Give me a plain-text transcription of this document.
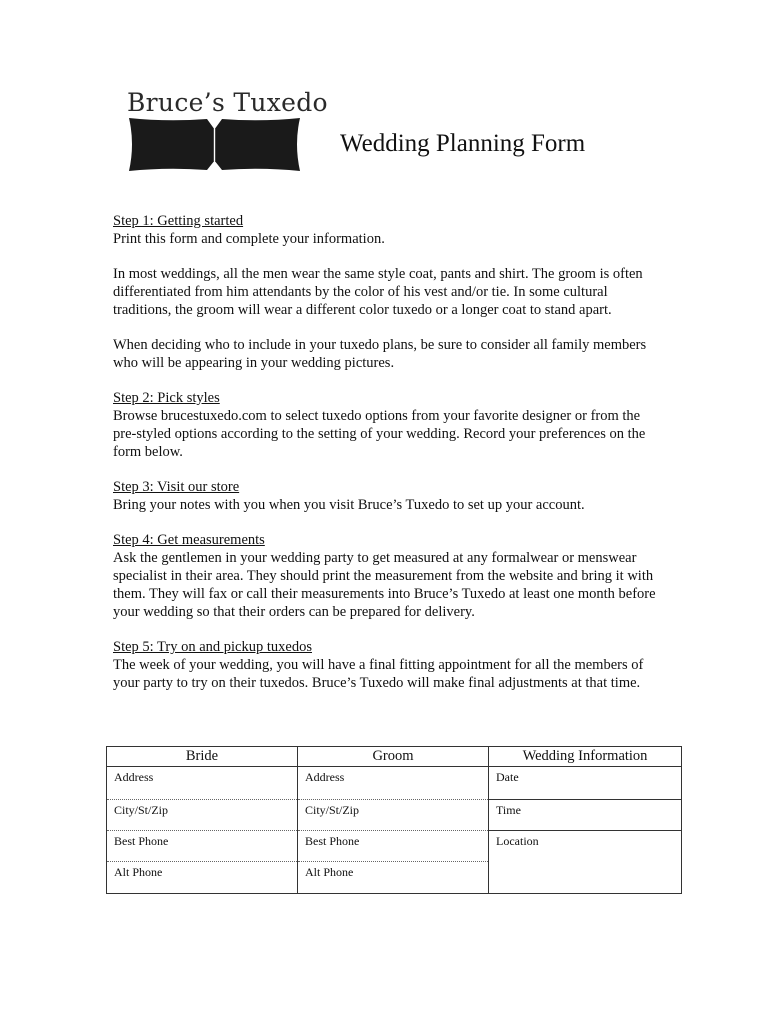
Bruce’s Tuxedo
Wedding Planning Form
Step 1: Getting started
Print this form and complete your information.
In most weddings, all the men wear the same style coat, pants and shirt. The groom is often differentiated from him attendants by the color of his vest and/or tie. In some cultural traditions, the groom will wear a different color tuxedo or a longer coat to stand apart.
When deciding who to include in your tuxedo plans, be sure to consider all family members who will be appearing in your wedding pictures.
Step 2: Pick styles
Browse brucestuxedo.com to select tuxedo options from your favorite designer or from the pre-styled options according to the setting of your wedding. Record your preferences on the form below.
Step 3: Visit our store
Bring your notes with you when you visit Bruce’s Tuxedo to set up your account.
Step 4: Get measurements
Ask the gentlemen in your wedding party to get measured at any formalwear or menswear specialist in their area. They should print the measurement from the website and bring it with them. They will fax or call their measurements into Bruce’s Tuxedo at least one month before your wedding so that their orders can be prepared for delivery.
Step 5: Try on and pickup tuxedos
The week of your wedding, you will have a final fitting appointment for all the members of your party to try on their tuxedos. Bruce’s Tuxedo will make final adjustments at that time.
Bride	Groom	Wedding Information
Address	Address	Date
City/St/Zip	City/St/Zip	Time
Best Phone	Best Phone	Location
Alt Phone	Alt Phone	
